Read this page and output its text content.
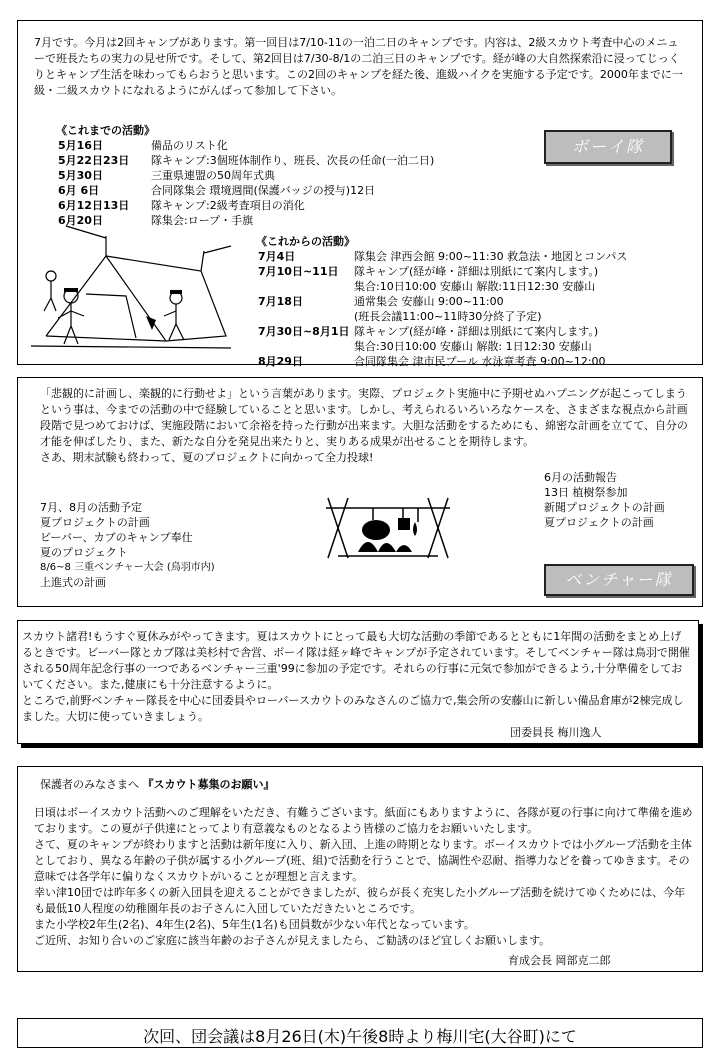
7月です。今月は2回キャンプがあります。第一回目は7/10-11の一泊二日のキャンプです。内容は、2級スカウト考査中心のメニューで班長たちの実力の見せ所です。そして、第2回目は7/30-8/1の二泊三日のキャンプです。経が峰の大自然探索沿に浸ってじっくりとキャンプ生活を味わってもらおうと思います。この2回のキャンプを経た後、進級ハイクを実施する予定です。2000年までに一級・二級スカウトになれるようにがんばって参加して下さい。
《これまでの活動》
5月16日	備品のリスト化
5月22日23日 隊キャンプ:3個班体制作り、班長、次長の任命(一泊二日)
5月30日	三重県連盟の50周年式典
6月 6日	合同隊集会 環境週間(保護バッジの授与)12日
6月12日13日 隊キャンプ:2級考査項目の消化
6月20日	隊集会:ロープ・手旗
ボーイ隊
《これからの活動》
7月4日	隊集会 津西会館 9:00~11:30 救急法・地図とコンパス
7月10日~11日 隊キャンプ(経が峰・詳細は別紙にて案内します。)
集合:10日10:00 安藤山 解散:11日12:30 安藤山
7月18日	通常集会 安藤山 9:00~11:00
(班長会議11:00~11時30分終了予定)
7月30日~8月1日 隊キャンプ(経が峰・詳細は別紙にて案内します。)
集合:30日10:00 安藤山 解散: 1日12:30 安藤山
8月29日	合同隊集会 津市民プール 水泳章考査 9:00~12:00
「悲観的に計画し、楽観的に行動せよ」という言葉があります。実際、プロジェクト実施中に予期せぬハプニングが起こってしまうという事は、今までの活動の中で経験していることと思います。しかし、考えられるいろいろなケースを、さまざまな視点から計画段階で見つめておけば、実施段階において余裕を持った行動が出来ます。大胆な活動をするためにも、綿密な計画を立てて、自分の才能を伸ばしたり、また、新たな自分を発見出来たりと、実りある成果が出せることを期待します。
さあ、期末試験も終わって、夏のプロジェクトに向かって全力投球!
6月の活動報告
13日 植樹祭参加
新聞プロジェクトの計画
夏プロジェクトの計画
7月、8月の活動予定
夏プロジェクトの計画
ビーバー、カブのキャンプ奉仕
夏のプロジェクト
8/6~8 三重ベンチャー大会 (鳥羽市内)
上進式の計画	ベンチャー隊
スカウト諸君!もうすぐ夏休みがやってきます。夏はスカウトにとって最も大切な活動の季節であるとともに1年間の活動をまとめ上げるときです。ビーバー隊とカブ隊は美杉村で舎営、ボーイ隊は経ヶ峰でキャンプが予定されています。そしてベンチャー隊は鳥羽で開催される50周年記念行事の一つであるベンチャー三重'99に参加の予定です。それらの行事に元気で参加ができるよう,十分準備をしておいてください。また,健康にも十分注意するように。
ところで,前野ベンチャー隊長を中心に団委員やローバースカウトのみなさんのご協力で,集会所の安藤山に新しい備品倉庫が2棟完成しました。大切に使っていきましょう。
団委員長 梅川逸人
保護者のみなさまへ 『スカウト募集のお願い』
日頃はボーイスカウト活動へのご理解をいただき、有難うございます。紙面にもありますように、各隊が夏の行事に向けて準備を進めております。この夏が子供達にとってより有意義なものとなるよう皆様のご協力をお願いいたします。
さて、夏のキャンプが終わりますと活動は新年度に入り、新入団、上進の時期となります。ボーイスカウトでは小グループ活動を主体としており、異なる年齢の子供が属する小グループ(班、組)で活動を行うことで、協調性や忍耐、指導力などを養ってゆきます。その意味では各学年に偏りなくスカウトがいることが理想と言えます。
幸い津10団では昨年多くの新入団員を迎えることができましたが、彼らが長く充実した小グループ活動を続けてゆくためには、今年も最低10人程度の幼稚園年長のお子さんに入団していただきたいところです。
また小学校2年生(2名)、4年生(2名)、5年生(1名)も団員数が少ない年代となっています。
ご近所、お知り合いのご家庭に該当年齢のお子さんが見えましたら、ご勧誘のほど宜しくお願いします。
育成会長 岡部克二郎
次回、団会議は8月26日(木)午後8時より梅川宅(大谷町)にて
